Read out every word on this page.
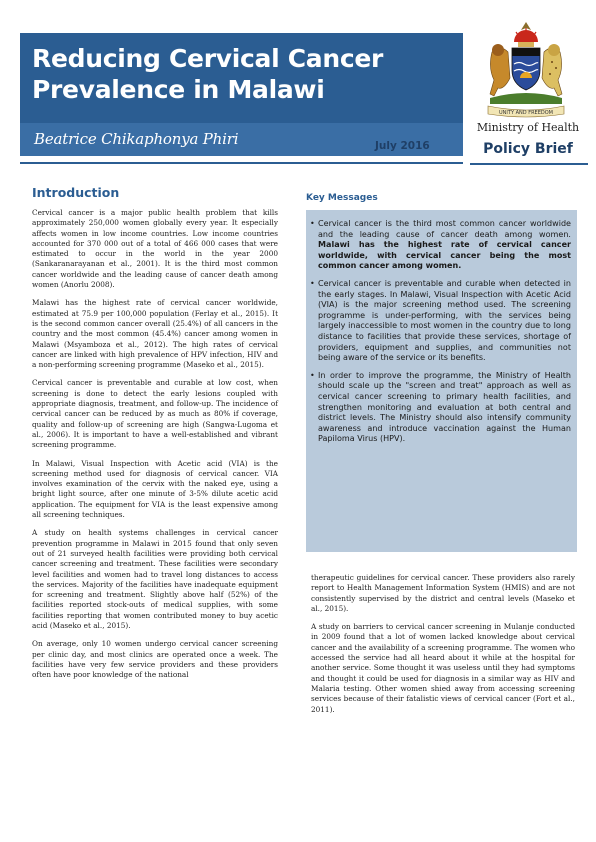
Reducing Cervical Cancer
Prevalence in Malawi
Beatrice Chikaphonya Phiri	July 2016
UNITY AND FREEDOM
Ministry of Health
Policy Brief
Introduction

Cervical cancer is a major public health problem that kills approximately 250,000 women globally every year. It especially affects women in low income countries. Low income countries accounted for 370 000 out of a total of 466 000 cases that were estimated to occur in the world in the year 2000 (Sankaranarayanan et al., 2001). It is the third most common cancer worldwide and the leading cause of cancer death among women (Anorlu 2008).

Malawi has the highest rate of cervical cancer worldwide, estimated at 75.9 per 100,000 population (Ferlay et al., 2015). It is the second common cancer overall (25.4%) of all cancers in the country and the most common (45.4%) cancer among women in Malawi (Msyamboza et al., 2012). The high rates of cervical cancer are linked with high prevalence of HPV infection, HIV and a non-performing screening programme (Maseko et al., 2015).

Cervical cancer is preventable and curable at low cost, when screening is done to detect the early lesions coupled with appropriate diagnosis, treatment, and follow-up. The incidence of cervical cancer can be reduced by as much as 80% if coverage, quality and follow-up of screening are high (Sangwa-Lugoma et al., 2006). It is important to have a well-established and vibrant screening programme.

In Malawi, Visual Inspection with Acetic acid (VIA) is the screening method used for diagnosis of cervical cancer. VIA involves examination of the cervix with the naked eye, using a bright light source, after one minute of 3-5% dilute acetic acid application. The equipment for VIA is the least expensive among all screening techniques.

A study on health systems challenges in cervical cancer prevention programme in Malawi in 2015 found that only seven out of 21 surveyed health facilities were providing both cervical cancer screening and treatment. These facilities were secondary level facilities and women had to travel long distances to access the services. Majority of the facilities have inadequate equipment for screening and treatment. Slightly above half (52%) of the facilities reported stock-outs of medical supplies, with some facilities reporting that women contributed money to buy acetic acid (Maseko et al., 2015).

On average, only 10 women undergo cervical cancer screening per clinic day, and most clinics are operated once a week. The facilities have very few service providers and these providers often have poor knowledge of the national

Key Messages
• Cervical cancer is the third most common cancer worldwide and the leading cause of cancer death among women. Malawi has the highest rate of cervical cancer worldwide, with cervical cancer being the most common cancer among women.
• Cervical cancer is preventable and curable when detected in the early stages. In Malawi, Visual Inspection with Acetic Acid (VIA) is the major screening method used. The screening programme is under-performing, with the services being largely inaccessible to most women in the country due to long distance to facilities that provide these services, shortage of providers, equipment and supplies, and communities not being aware of the service or its benefits.
• In order to improve the programme, the Ministry of Health should scale up the "screen and treat" approach as well as cervical cancer screening to primary health facilities, and strengthen monitoring and evaluation at both central and district levels. The Ministry should also intensify community awareness and introduce vaccination against the Human Papiloma Virus (HPV).

therapeutic guidelines for cervical cancer. These providers also rarely report to Health Management Information System (HMIS) and are not consistently supervised by the district and central levels (Maseko et al., 2015).

A study on barriers to cervical cancer screening in Mulanje conducted in 2009 found that a lot of women lacked knowledge about cervical cancer and the availability of a screening programme. The women who accessed the service had all heard about it while at the hospital for another service. Some thought it was useless until they had symptoms and thought it could be used for diagnosis in a similar way as HIV and Malaria testing. Other women shied away from accessing screening services because of their fatalistic views of cervical cancer (Fort et al., 2011).
